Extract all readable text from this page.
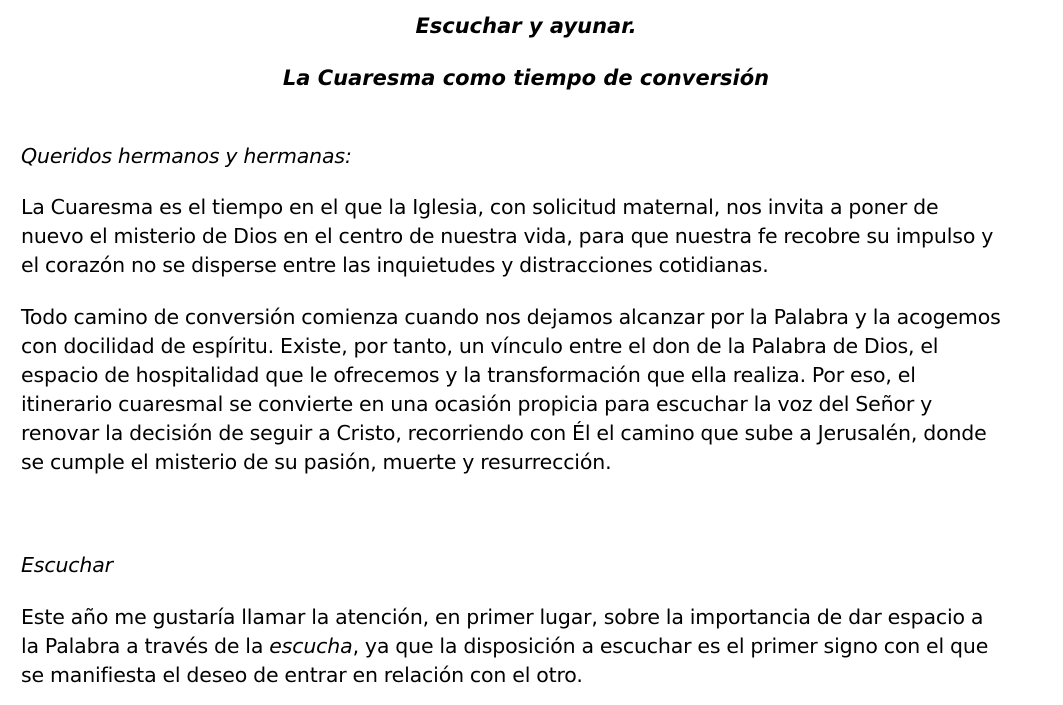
Escuchar y ayunar.
La Cuaresma como tiempo de conversión

Queridos hermanos y hermanas:

La Cuaresma es el tiempo en el que la Iglesia, con solicitud maternal, nos invita a poner de
nuevo el misterio de Dios en el centro de nuestra vida, para que nuestra fe recobre su impulso y
el corazón no se disperse entre las inquietudes y distracciones cotidianas.

Todo camino de conversión comienza cuando nos dejamos alcanzar por la Palabra y la acogemos
con docilidad de espíritu. Existe, por tanto, un vínculo entre el don de la Palabra de Dios, el
espacio de hospitalidad que le ofrecemos y la transformación que ella realiza. Por eso, el
itinerario cuaresmal se convierte en una ocasión propicia para escuchar la voz del Señor y
renovar la decisión de seguir a Cristo, recorriendo con Él el camino que sube a Jerusalén, donde
se cumple el misterio de su pasión, muerte y resurrección.

Escuchar

Este año me gustaría llamar la atención, en primer lugar, sobre la importancia de dar espacio a
la Palabra a través de la escucha, ya que la disposición a escuchar es el primer signo con el que
se manifiesta el deseo de entrar en relación con el otro.
